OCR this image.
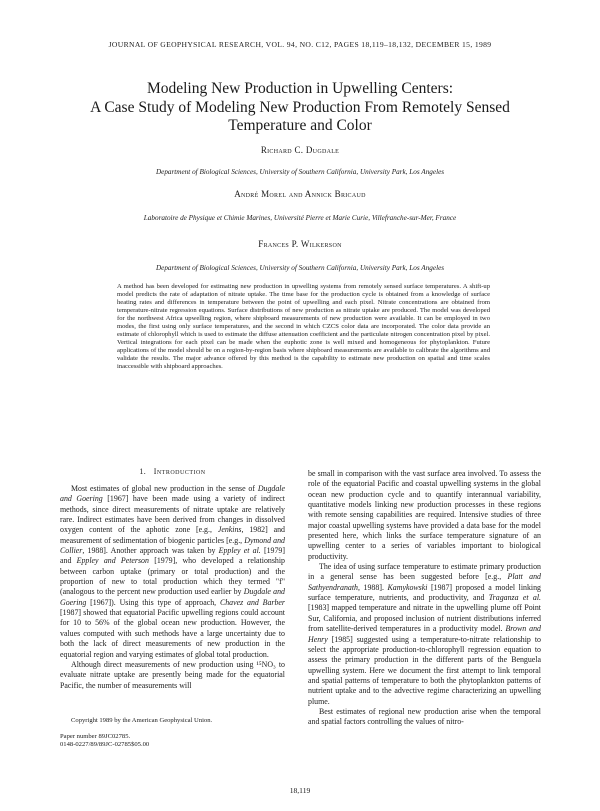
JOURNAL OF GEOPHYSICAL RESEARCH, VOL. 94, NO. C12, PAGES 18,119–18,132, DECEMBER 15, 1989
Modeling New Production in Upwelling Centers:
A Case Study of Modeling New Production From Remotely Sensed
Temperature and Color
Richard C. Dugdale
Department of Biological Sciences, University of Southern California, University Park, Los Angeles
André Morel and Annick Bricaud
Laboratoire de Physique et Chimie Marines, Université Pierre et Marie Curie, Villefranche-sur-Mer, France
Frances P. Wilkerson
Department of Biological Sciences, University of Southern California, University Park, Los Angeles
A method has been developed for estimating new production in upwelling systems from remotely sensed surface temperatures. A shift-up model predicts the rate of adaptation of nitrate uptake. The time base for the production cycle is obtained from a knowledge of surface heating rates and differences in temperature between the point of upwelling and each pixel. Nitrate concentrations are obtained from temperature-nitrate regression equations. Surface distributions of new production as nitrate uptake are produced. The model was developed for the northwest Africa upwelling region, where shipboard measurements of new production were available. It can be employed in two modes, the first using only surface temperatures, and the second in which CZCS color data are incorporated. The color data provide an estimate of chlorophyll which is used to estimate the diffuse attenuation coefficient and the particulate nitrogen concentration pixel by pixel. Vertical integrations for each pixel can be made when the euphotic zone is well mixed and homogeneous for phytoplankton. Future applications of the model should be on a region-by-region basis where shipboard measurements are available to calibrate the algorithms and validate the results. The major advance offered by this method is the capability to estimate new production on spatial and time scales inaccessible with shipboard approaches.
1. Introduction

Most estimates of global new production in the sense of Dugdale and Goering [1967] have been made using a variety of indirect methods, since direct measurements of nitrate uptake are relatively rare. Indirect estimates have been derived from changes in dissolved oxygen content of the aphotic zone [e.g., Jenkins, 1982] and measurement of sedimentation of biogenic particles [e.g., Dymond and Collier, 1988]. Another approach was taken by Eppley et al. [1979] and Eppley and Peterson [1979], who developed a relationship between carbon uptake (primary or total production) and the proportion of new to total production which they termed "f" (analogous to the percent new production used earlier by Dugdale and Goering [1967]). Using this type of approach, Chavez and Barber [1987] showed that equatorial Pacific upwelling regions could account for 10 to 56% of the global ocean new production. However, the values computed with such methods have a large uncertainty due to both the lack of direct measurements of new production in the equatorial region and varying estimates of global total production.

Although direct measurements of new production using ¹⁵NO₃ to evaluate nitrate uptake are presently being made for the equatorial Pacific, the number of measurements will

Copyright 1989 by the American Geophysical Union.
Paper number 89JC02785.
0148-0227/89/89JC-02785$05.00

be small in comparison with the vast surface area involved. To assess the role of the equatorial Pacific and coastal upwelling systems in the global ocean new production cycle and to quantify interannual variability, quantitative models linking new production processes in these regions with remote sensing capabilities are required. Intensive studies of three major coastal upwelling systems have provided a data base for the model presented here, which links the surface temperature signature of an upwelling center to a series of variables important to biological productivity.

The idea of using surface temperature to estimate primary production in a general sense has been suggested before [e.g., Platt and Sathyendranath, 1988]. Kamykowski [1987] proposed a model linking surface temperature, nutrients, and productivity, and Traganza et al. [1983] mapped temperature and nitrate in the upwelling plume off Point Sur, California, and proposed inclusion of nutrient distributions inferred from satellite-derived temperatures in a productivity model. Brown and Henry [1985] suggested using a temperature-to-nitrate relationship to select the appropriate production-to-chlorophyll regression equation to assess the primary production in the different parts of the Benguela upwelling system. Here we document the first attempt to link temporal and spatial patterns of temperature to both the phytoplankton patterns of nutrient uptake and to the advective regime characterizing an upwelling plume.

Best estimates of regional new production arise when the temporal and spatial factors controlling the values of nitro-

18,119
